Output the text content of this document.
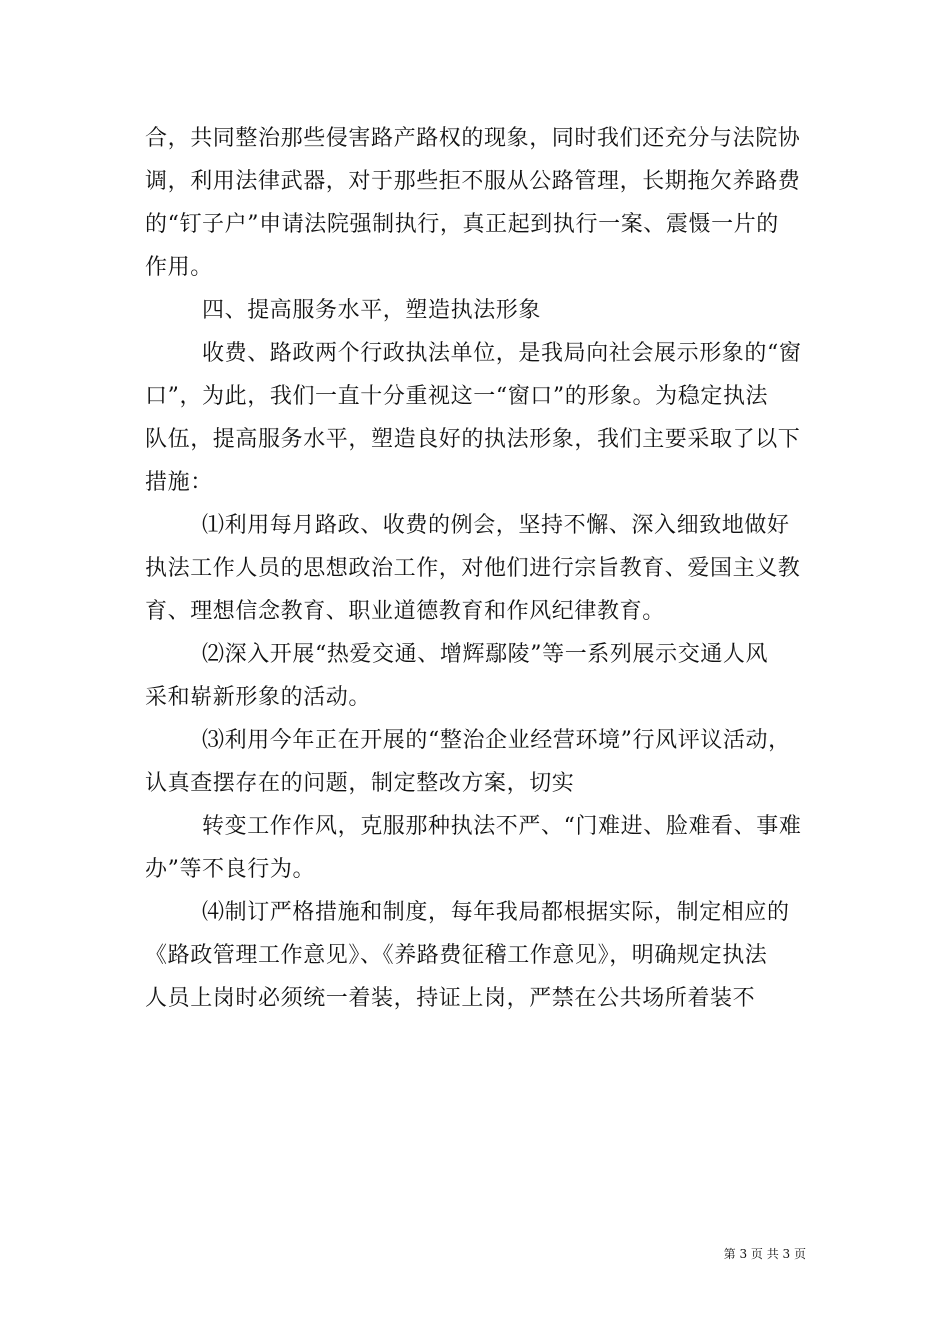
合，共同整治那些侵害路产路权的现象，同时我们还充分与法院协
调，利用法律武器，对于那些拒不服从公路管理，长期拖欠养路费
的“钉子户”申请法院强制执行，真正起到执行一案、震慑一片的
作用。
四、提高服务水平，塑造执法形象
收费、路政两个行政执法单位，是我局向社会展示形象的“窗
口”，为此，我们一直十分重视这一“窗口”的形象。为稳定执法
队伍，提高服务水平，塑造良好的执法形象，我们主要采取了以下
措施：
⑴利用每月路政、收费的例会，坚持不懈、深入细致地做好
执法工作人员的思想政治工作，对他们进行宗旨教育、爱国主义教
育、理想信念教育、职业道德教育和作风纪律教育。
⑵深入开展“热爱交通、增辉鄢陵”等一系列展示交通人风
采和崭新形象的活动。
⑶利用今年正在开展的“整治企业经营环境”行风评议活动，
认真查摆存在的问题，制定整改方案，切实
转变工作作风，克服那种执法不严、“门难进、脸难看、事难
办”等不良行为。
⑷制订严格措施和制度，每年我局都根据实际，制定相应的
《路政管理工作意见》、《养路费征稽工作意见》，明确规定执法
人员上岗时必须统一着装，持证上岗，严禁在公共场所着装不
第 3 页 共 3 页
